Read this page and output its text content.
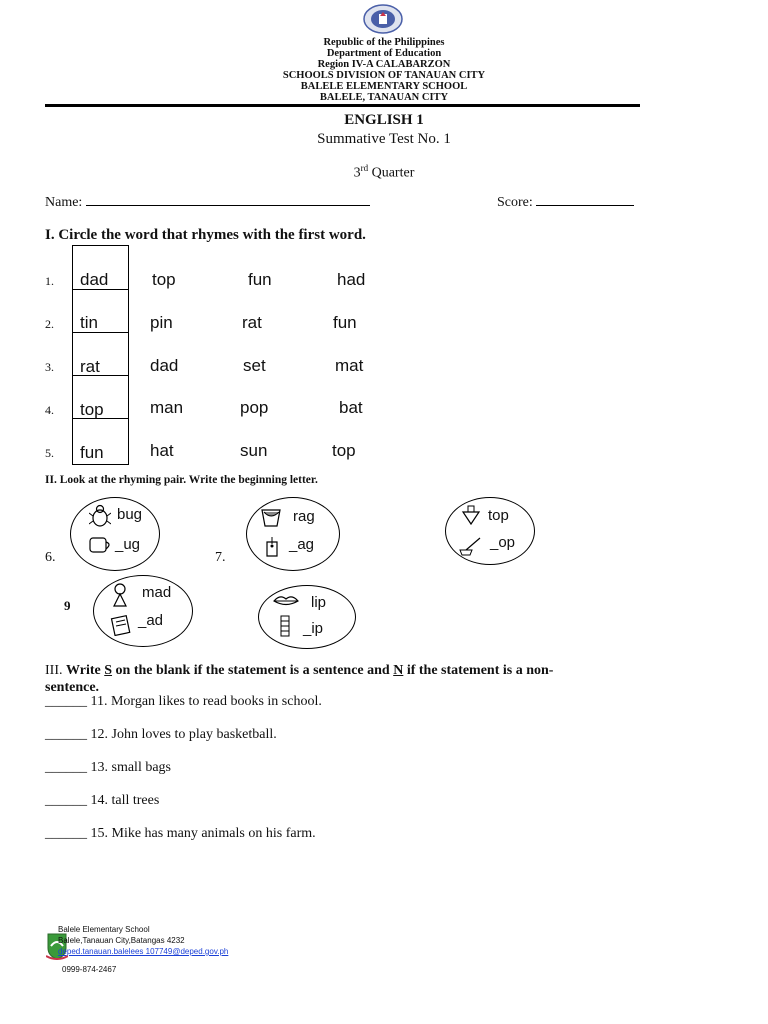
Republic of the Philippines
Department of Education
Region IV-A CALABARZON
SCHOOLS DIVISION OF TANAUAN CITY
BALELE ELEMENTARY SCHOOL
BALELE, TANAUAN CITY
ENGLISH 1
Summative Test No. 1
3rd Quarter
Name:	Score:
I. Circle the word that rhymes with the first word.
1. dad	top	fun	had
2. tin	pin	rat	fun
3. rat	dad	set	mat
4. top	man	pop	bat
5. fun	hat	sun	top
II. Look at the rhyming pair. Write the beginning letter.
6.
bug
_ug
7.
rag
_ag
top
_op
9
mad
_ad
lip
_ip
III. Write S on the blank if the statement is a sentence and N if the statement is a non-
sentence.
______ 11. Morgan likes to read books in school.
______ 12. John loves to play basketball.
______ 13. small bags
______ 14. tall trees
______ 15. Mike has many animals on his farm.
Balele Elementary School
Balele,Tanauan City,Batangas 4232
deped.tanauan.balelees 107749@deped.gov.ph
0999-874-2467
